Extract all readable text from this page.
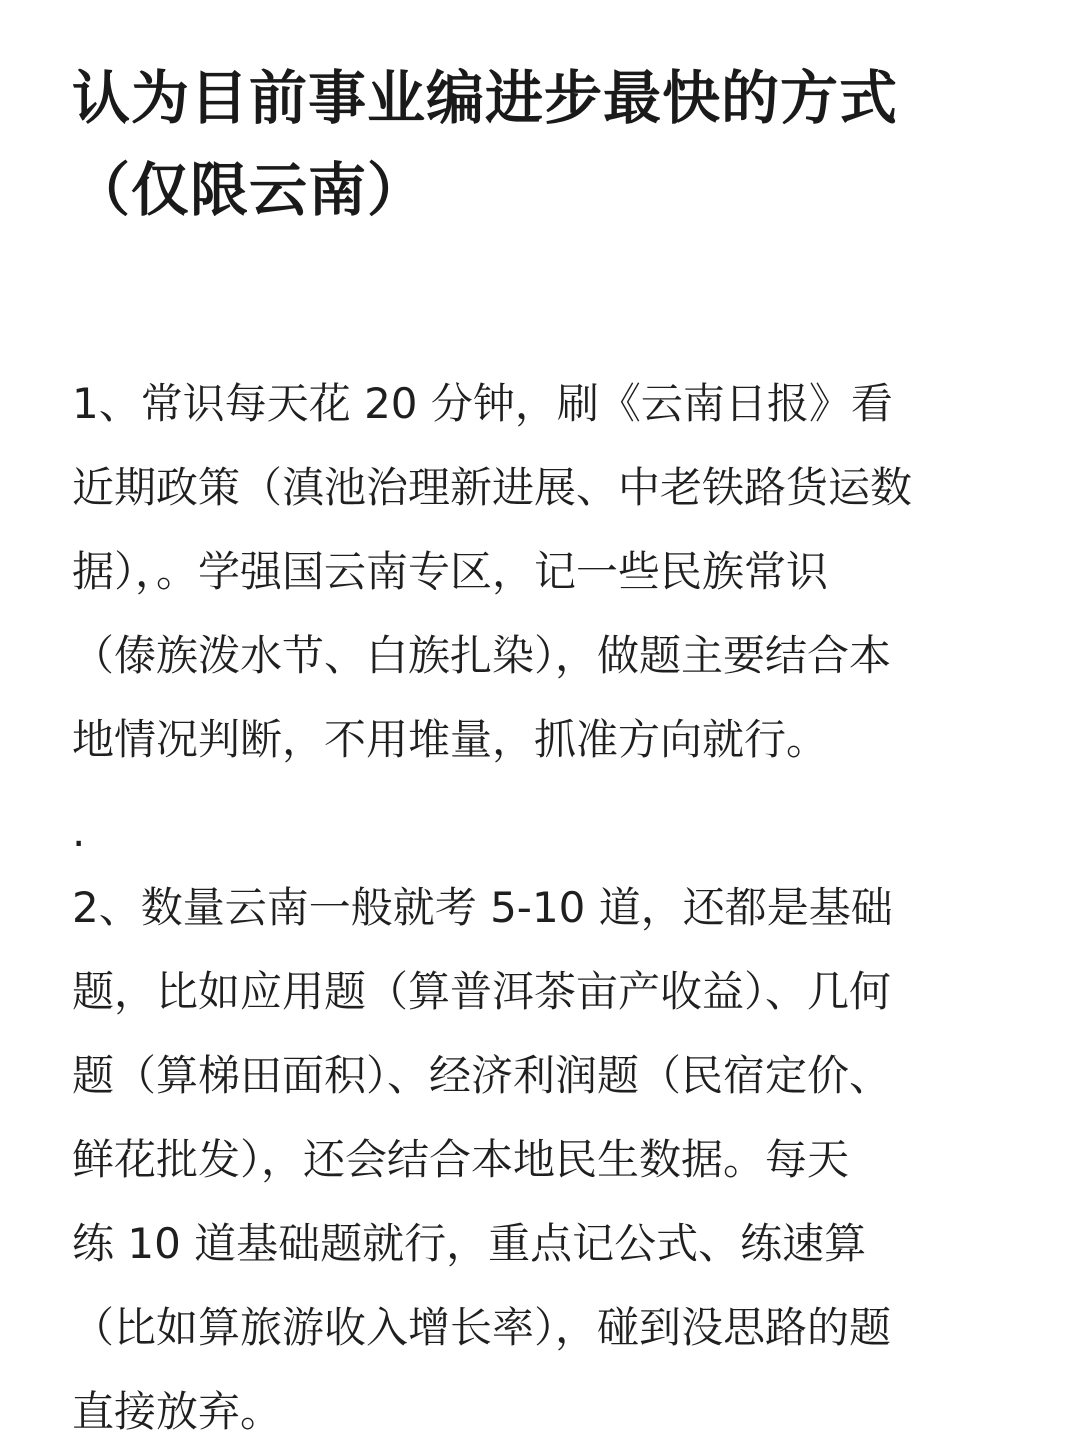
认为目前事业编进步最快的方式
（仅限云南）
1、常识每天花 20 分钟，刷《云南日报》看
近期政策（滇池治理新进展、中老铁路货运数
据），。学强国云南专区，记一些民族常识
（傣族泼水节、白族扎染），做题主要结合本
地情况判断，不用堆量，抓准方向就行。
.
2、数量云南一般就考 5-10 道，还都是基础
题，比如应用题（算普洱茶亩产收益）、几何
题（算梯田面积）、经济利润题（民宿定价、
鲜花批发），还会结合本地民生数据。每天
练 10 道基础题就行，重点记公式、练速算
（比如算旅游收入增长率），碰到没思路的题
直接放弃。
